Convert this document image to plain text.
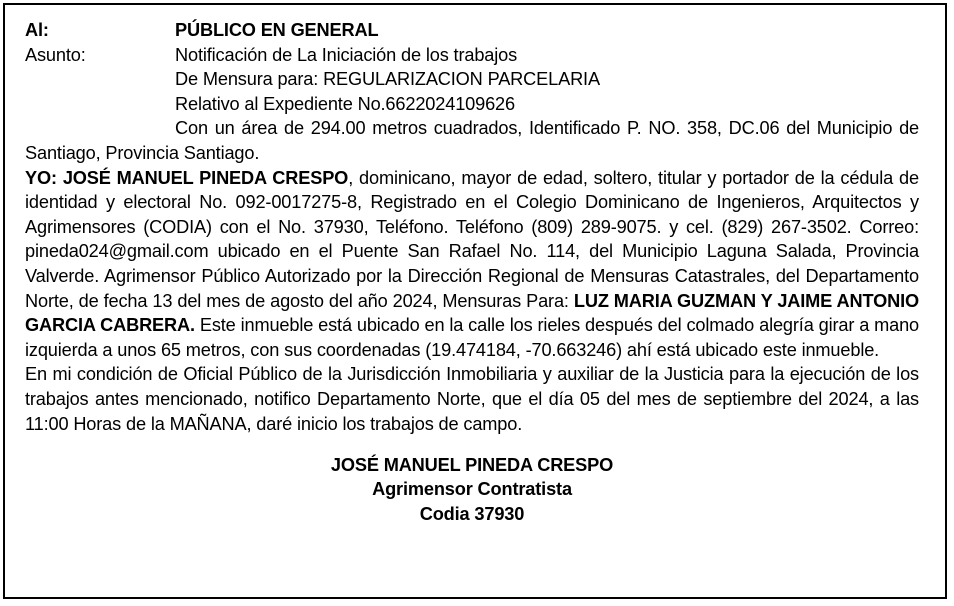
Al:	PÚBLICO EN GENERAL
Asunto:	Notificación de La Iniciación de los trabajos
De Mensura para: REGULARIZACION PARCELARIA
Relativo al Expediente No.6622024109626

Con un área de 294.00 metros cuadrados, Identificado P. NO. 358, DC.06 del Municipio de Santiago, Provincia Santiago.

YO: JOSÉ MANUEL PINEDA CRESPO, dominicano, mayor de edad, soltero, titular y portador de la cédula de identidad y electoral No. 092-0017275-8, Registrado en el Colegio Dominicano de Ingenieros, Arquitectos y Agrimensores (CODIA) con el No. 37930, Teléfono. Teléfono (809) 289-9075. y cel. (829) 267-3502. Correo: pineda024@gmail.com ubicado en el Puente San Rafael No. 114, del Municipio Laguna Salada, Provincia Valverde. Agrimensor Público Autorizado por la Dirección Regional de Mensuras Catastrales, del Departamento Norte, de fecha 13 del mes de agosto del año 2024, Mensuras Para: LUZ MARIA GUZMAN Y JAIME ANTONIO GARCIA CABRERA. Este inmueble está ubicado en la calle los rieles después del colmado alegría girar a mano izquierda a unos 65 metros, con sus coordenadas (19.474184, -70.663246) ahí está ubicado este inmueble.

En mi condición de Oficial Público de la Jurisdicción Inmobiliaria y auxiliar de la Justicia para la ejecución de los trabajos antes mencionado, notifico Departamento Norte, que el día 05 del mes de septiembre del 2024, a las 11:00 Horas de la MAÑANA, daré inicio los trabajos de campo.

JOSÉ MANUEL PINEDA CRESPO
Agrimensor Contratista
Codia 37930
